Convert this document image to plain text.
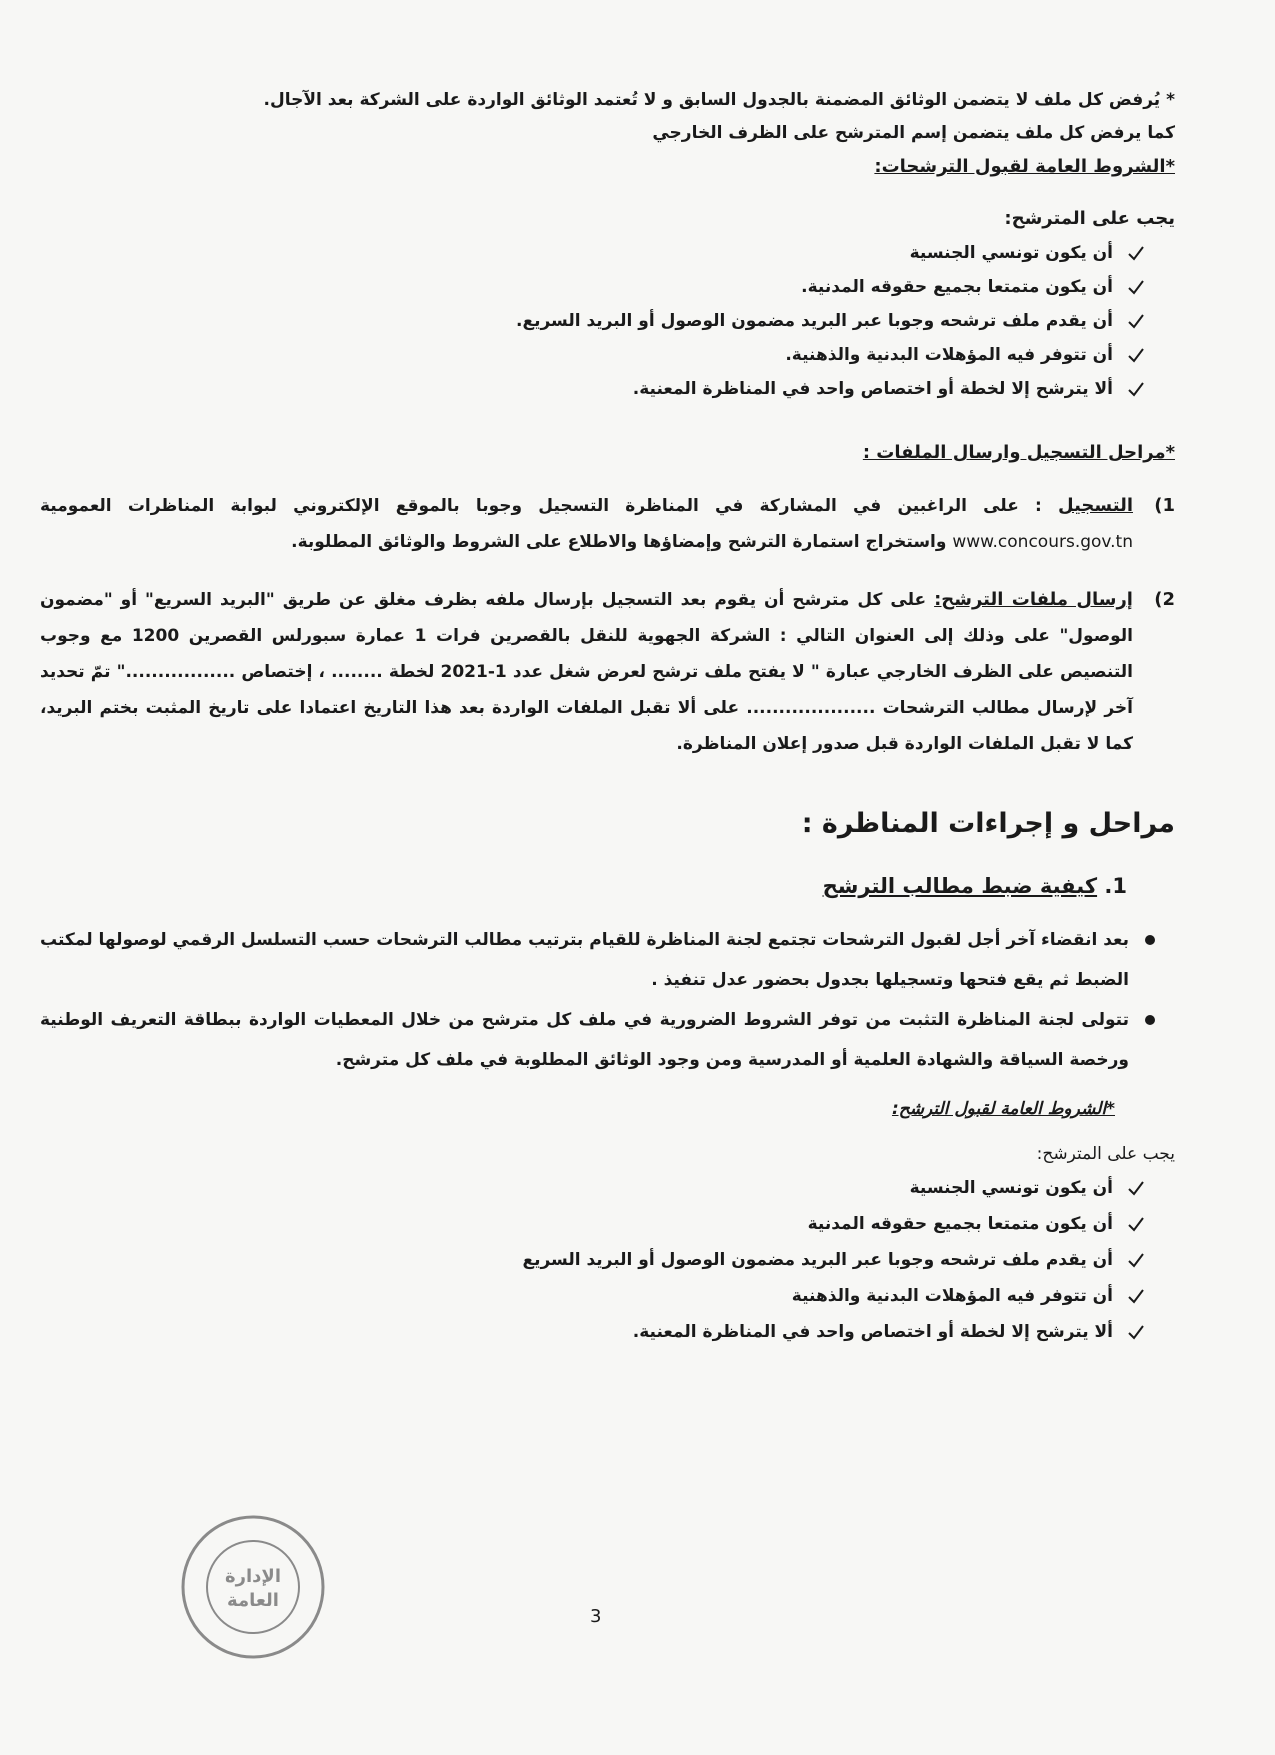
* يُرفض كل ملف لا يتضمن الوثائق المضمنة بالجدول السابق و لا تُعتمد الوثائق الواردة على الشركة بعد الآجال.
كما يرفض كل ملف يتضمن إسم المترشح على الظرف الخارجي
*الشروط العامة لقبول الترشحات:
يجب على المترشح:
أن يكون تونسي الجنسية
أن يكون متمتعا بجميع حقوقه المدنية.
أن يقدم ملف ترشحه وجوبا عبر البريد مضمون الوصول أو البريد السريع.
أن تتوفر فيه المؤهلات البدنية والذهنية.
ألا يترشح إلا لخطة أو اختصاص واحد في المناظرة المعنية.
*مراحل التسجيل وارسال الملفات :
1)
التسجيل : على الراغبين في المشاركة في المناظرة التسجيل وجوبا بالموقع الإلكتروني لبوابة المناظرات العمومية www.concours.gov.tn واستخراج استمارة الترشح وإمضاؤها والاطلاع على الشروط والوثائق المطلوبة.
2)
إرسال ملفات الترشح: على كل مترشح أن يقوم بعد التسجيل بإرسال ملفه بظرف مغلق عن طريق "البريد السريع" أو "مضمون الوصول" على وذلك إلى العنوان التالي : الشركة الجهوية للنقل بالقصرين فرات 1 عمارة سبورلس القصرين 1200 مع وجوب التنصيص على الظرف الخارجي عبارة " لا يفتح ملف ترشح لعرض شغل عدد 1-2021 لخطة ........ ، إختصاص ................." تمّ تحديد آخر لإرسال مطالب الترشحات .................... على ألا تقبل الملفات الواردة بعد هذا التاريخ اعتمادا على تاريخ المثبت بختم البريد، كما لا تقبل الملفات الواردة قبل صدور إعلان المناظرة.
مراحل و إجراءات المناظرة :
1. كيفية ضبط مطالب الترشح
بعد انقضاء آخر أجل لقبول الترشحات تجتمع لجنة المناظرة للقيام بترتيب مطالب الترشحات حسب التسلسل الرقمي لوصولها لمكتب الضبط ثم يقع فتحها وتسجيلها بجدول بحضور عدل تنفيذ .
تتولى لجنة المناظرة التثبت من توفر الشروط الضرورية في ملف كل مترشح من خلال المعطيات الواردة ببطاقة التعريف الوطنية ورخصة السياقة والشهادة العلمية أو المدرسية ومن وجود الوثائق المطلوبة في ملف كل مترشح.
*الشروط العامة لقبول الترشح:
يجب على المترشح:
أن يكون تونسي الجنسية
أن يكون متمتعا بجميع حقوقه المدنية
أن يقدم ملف ترشحه وجوبا عبر البريد مضمون الوصول أو البريد السريع
أن تتوفر فيه المؤهلات البدنية والذهنية
ألا يترشح إلا لخطة أو اختصاص واحد في المناظرة المعنية.
3
الإدارة
العامة
